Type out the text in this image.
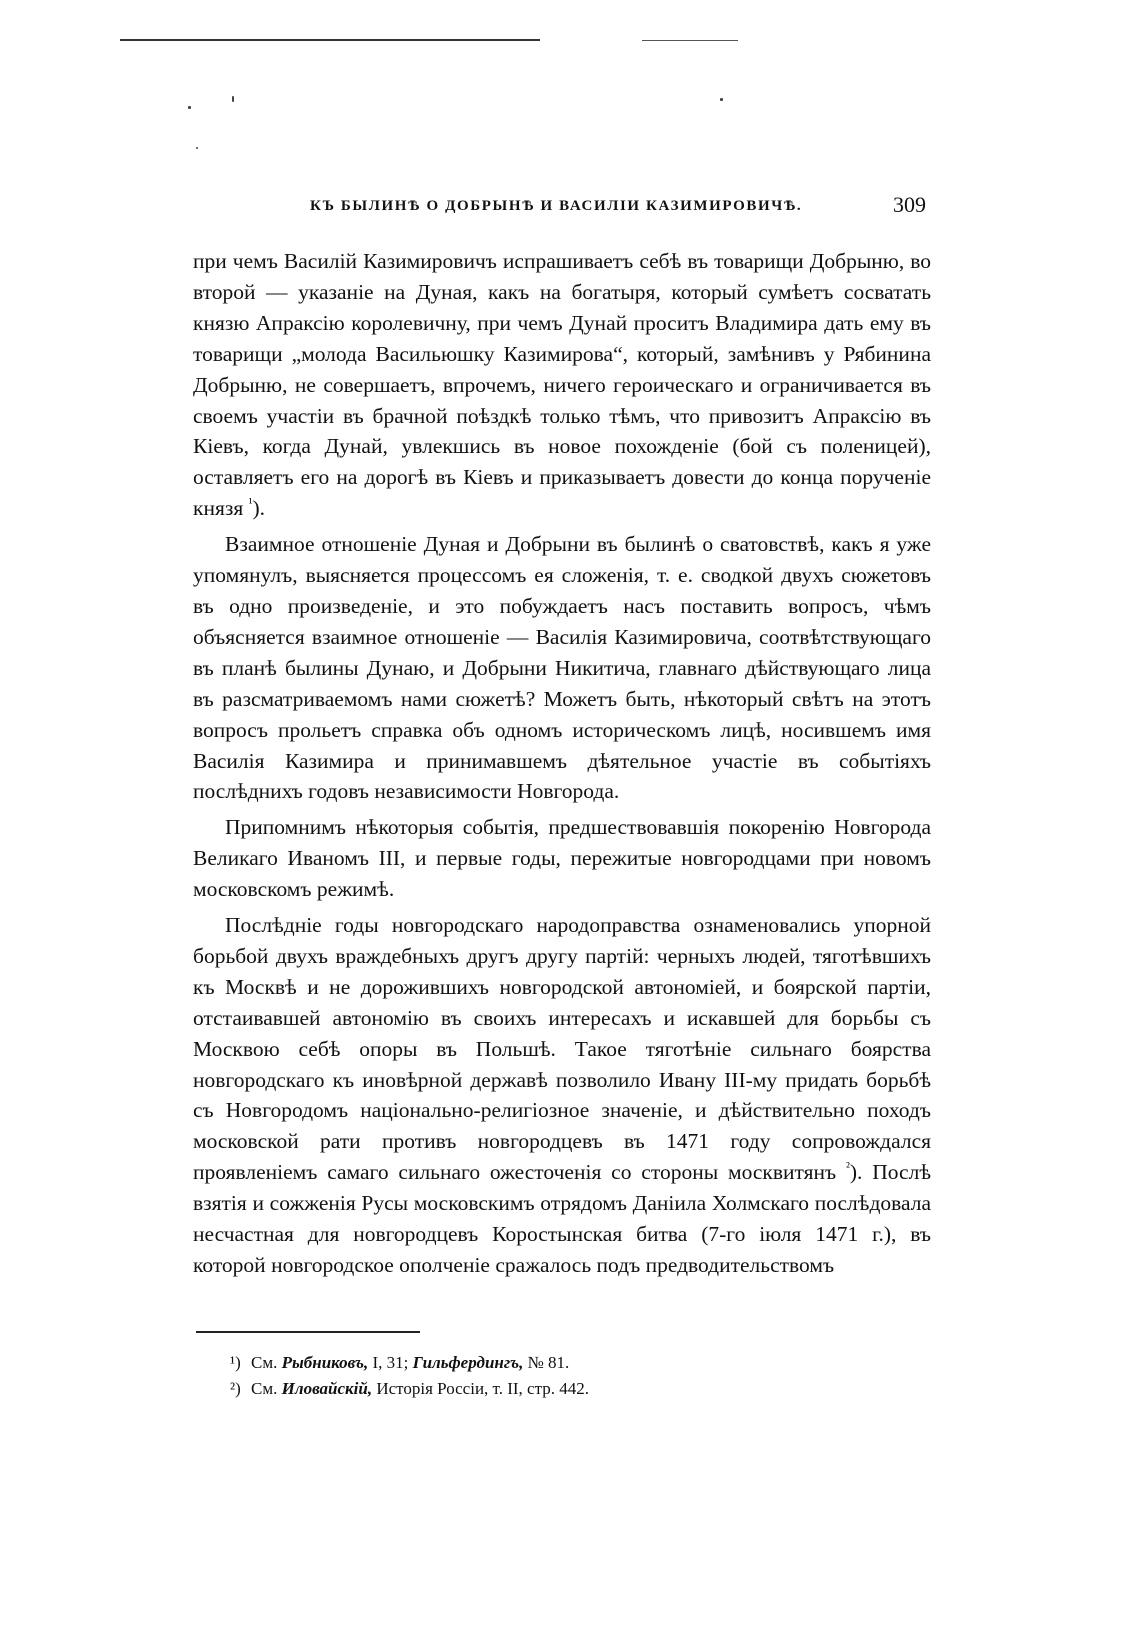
КЪ БЫЛИНѢ О ДОБРЫНѢ И ВАСИЛІИ КАЗИМИРОВИЧѢ.	309

при чемъ Василій Казимировичъ испрашиваетъ себѣ въ товарищи Добрыню, во второй — указаніе на Дуная, какъ на богатыря, который сумѣетъ сосватать князю Апраксію королевичну, при чемъ Дунай проситъ Владимира дать ему въ товарищи „молода Васильюшку Казимирова“, который, замѣнивъ у Рябинина Добрыню, не совершаетъ, впрочемъ, ничего героическаго и ограничивается въ своемъ участіи въ брачной поѣздкѣ только тѣмъ, что привозитъ Апраксію въ Кіевъ, когда Дунай, увлекшись въ новое похожденіе (бой съ поленицей), оставляетъ его на дорогѣ въ Кіевъ и приказываетъ довести до конца порученіе князя $^{^1}$).

Взаимное отношеніе Дуная и Добрыни въ былинѣ о сватовствѣ, какъ я уже упомянулъ, выясняется процессомъ ея сложенія, т. е. сводкой двухъ сюжетовъ въ одно произведеніе, и это побуждаетъ насъ поставить вопросъ, чѣмъ объясняется взаимное отношеніе — Василія Казимировича, соотвѣтствующаго въ планѣ былины Дунаю, и Добрыни Никитича, главнаго дѣйствующаго лица въ разсматриваемомъ нами сюжетѣ? Можетъ быть, нѣкоторый свѣтъ на этотъ вопросъ прольетъ справка объ одномъ историческомъ лицѣ, носившемъ имя Василія Казимира и принимавшемъ дѣятельное участіе въ событіяхъ послѣднихъ годовъ независимости Новгорода.

Припомнимъ нѣкоторыя событія, предшествовавшія покоренію Новгорода Великаго Иваномъ III, и первые годы, пережитые новгородцами при новомъ московскомъ режимѣ.

Послѣдніе годы новгородскаго народоправства ознаменовались упорной борьбой двухъ враждебныхъ другъ другу партій: черныхъ людей, тяготѣвшихъ къ Москвѣ и не дорожившихъ новгородской автономіей, и боярской партіи, отстаивавшей автономію въ своихъ интересахъ и искавшей для борьбы съ Москвою себѣ опоры въ Польшѣ. Такое тяготѣніе сильнаго боярства новгородскаго къ иновѣрной державѣ позволило Ивану III-му придать борьбѣ съ Новгородомъ національно-религіозное значеніе, и дѣйствительно походъ московской рати противъ новгородцевъ въ 1471 году сопровождался проявленіемъ самаго сильнаго ожесточенія со стороны москвитянъ $^{^2}$). Послѣ взятія и сожженія Русы московскимъ отрядомъ Даніила Холмскаго послѣдовала несчастная для новгородцевъ Коростынская битва (7-го іюля 1471 г.), въ которой новгородское ополченіе сражалось подъ предводительствомъ

¹) См. Рыбниковъ, I, 31; Гильфердингъ, № 81.

²) См. Иловайскій, Исторія Россіи, т. II, стр. 442.
